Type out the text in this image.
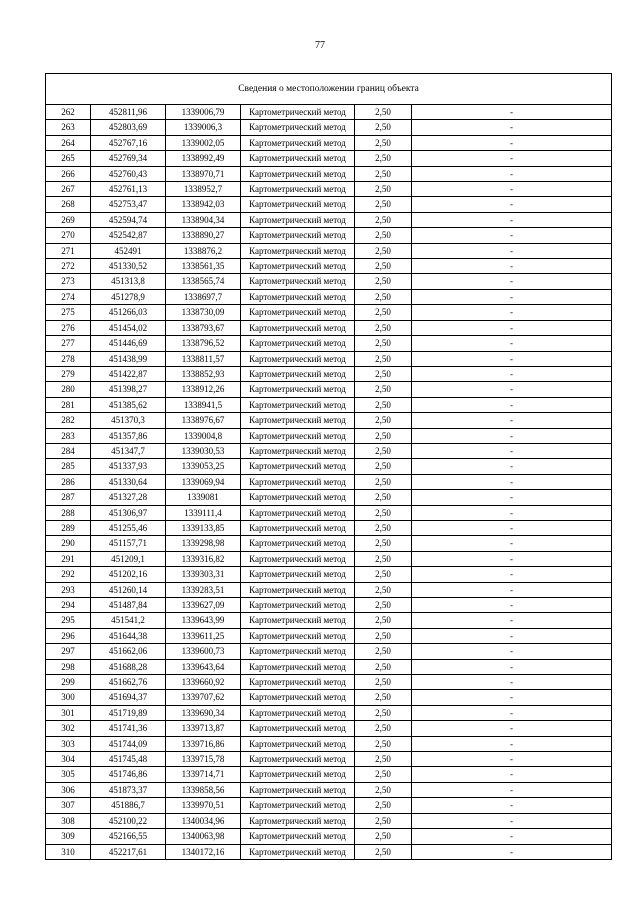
77
Сведения о местоположении границ объекта					
262	452811,96	1339006,79	Картометрический метод	2,50	-
263	452803,69	1339006,3	Картометрический метод	2,50	-
264	452767,16	1339002,05	Картометрический метод	2,50	-
265	452769,34	1338992,49	Картометрический метод	2,50	-
266	452760,43	1338970,71	Картометрический метод	2,50	-
267	452761,13	1338952,7	Картометрический метод	2,50	-
268	452753,47	1338942,03	Картометрический метод	2,50	-
269	452594,74	1338904,34	Картометрический метод	2,50	-
270	452542,87	1338890,27	Картометрический метод	2,50	-
271	452491	1338876,2	Картометрический метод	2,50	-
272	451330,52	1338561,35	Картометрический метод	2,50	-
273	451313,8	1338565,74	Картометрический метод	2,50	-
274	451278,9	1338697,7	Картометрический метод	2,50	-
275	451266,03	1338730,09	Картометрический метод	2,50	-
276	451454,02	1338793,67	Картометрический метод	2,50	-
277	451446,69	1338796,52	Картометрический метод	2,50	-
278	451438,99	1338811,57	Картометрический метод	2,50	-
279	451422,87	1338852,93	Картометрический метод	2,50	-
280	451398,27	1338912,26	Картометрический метод	2,50	-
281	451385,62	1338941,5	Картометрический метод	2,50	-
282	451370,3	1338976,67	Картометрический метод	2,50	-
283	451357,86	1339004,8	Картометрический метод	2,50	-
284	451347,7	1339030,53	Картометрический метод	2,50	-
285	451337,93	1339053,25	Картометрический метод	2,50	-
286	451330,64	1339069,94	Картометрический метод	2,50	-
287	451327,28	1339081	Картометрический метод	2,50	-
288	451306,97	1339111,4	Картометрический метод	2,50	-
289	451255,46	1339133,85	Картометрический метод	2,50	-
290	451157,71	1339298,98	Картометрический метод	2,50	-
291	451209,1	1339316,82	Картометрический метод	2,50	-
292	451202,16	1339303,31	Картометрический метод	2,50	-
293	451260,14	1339283,51	Картометрический метод	2,50	-
294	451487,84	1339627,09	Картометрический метод	2,50	-
295	451541,2	1339643,99	Картометрический метод	2,50	-
296	451644,38	1339611,25	Картометрический метод	2,50	-
297	451662,06	1339600,73	Картометрический метод	2,50	-
298	451688,28	1339643,64	Картометрический метод	2,50	-
299	451662,76	1339660,92	Картометрический метод	2,50	-
300	451694,37	1339707,62	Картометрический метод	2,50	-
301	451719,89	1339690,34	Картометрический метод	2,50	-
302	451741,36	1339713,87	Картометрический метод	2,50	-
303	451744,09	1339716,86	Картометрический метод	2,50	-
304	451745,48	1339715,78	Картометрический метод	2,50	-
305	451746,86	1339714,71	Картометрический метод	2,50	-
306	451873,37	1339858,56	Картометрический метод	2,50	-
307	451886,7	1339970,51	Картометрический метод	2,50	-
308	452100,22	1340034,96	Картометрический метод	2,50	-
309	452166,55	1340063,98	Картометрический метод	2,50	-
310	452217,61	1340172,16	Картометрический метод	2,50	-
